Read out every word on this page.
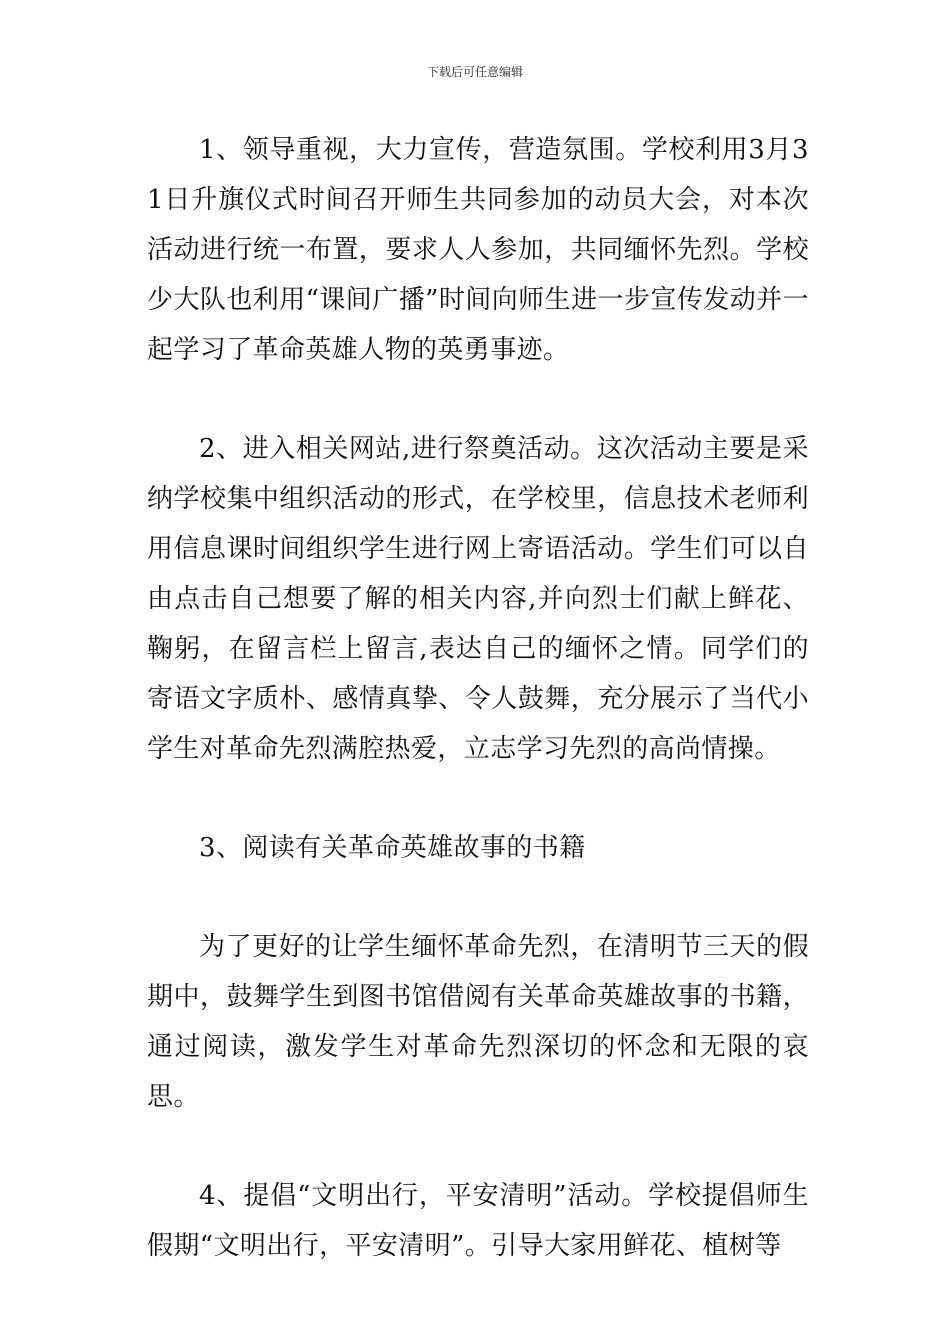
下载后可任意编辑

1、领导重视，大力宣传，营造氛围。学校利用3月31日升旗仪式时间召开师生共同参加的动员大会，对本次活动进行统一布置，要求人人参加，共同缅怀先烈。学校少大队也利用“课间广播”时间向师生进一步宣传发动并一起学习了革命英雄人物的英勇事迹。

2、进入相关网站,进行祭奠活动。这次活动主要是采纳学校集中组织活动的形式，在学校里，信息技术老师利用信息课时间组织学生进行网上寄语活动。学生们可以自由点击自己想要了解的相关内容,并向烈士们献上鲜花、鞠躬，在留言栏上留言,表达自己的缅怀之情。同学们的寄语文字质朴、感情真挚、令人鼓舞，充分展示了当代小学生对革命先烈满腔热爱，立志学习先烈的高尚情操。

3、阅读有关革命英雄故事的书籍

为了更好的让学生缅怀革命先烈，在清明节三天的假期中，鼓舞学生到图书馆借阅有关革命英雄故事的书籍，通过阅读，激发学生对革命先烈深切的怀念和无限的哀思。

4、提倡“文明出行，平安清明”活动。学校提倡师生假期“文明出行，平安清明”。引导大家用鲜花、植树等
